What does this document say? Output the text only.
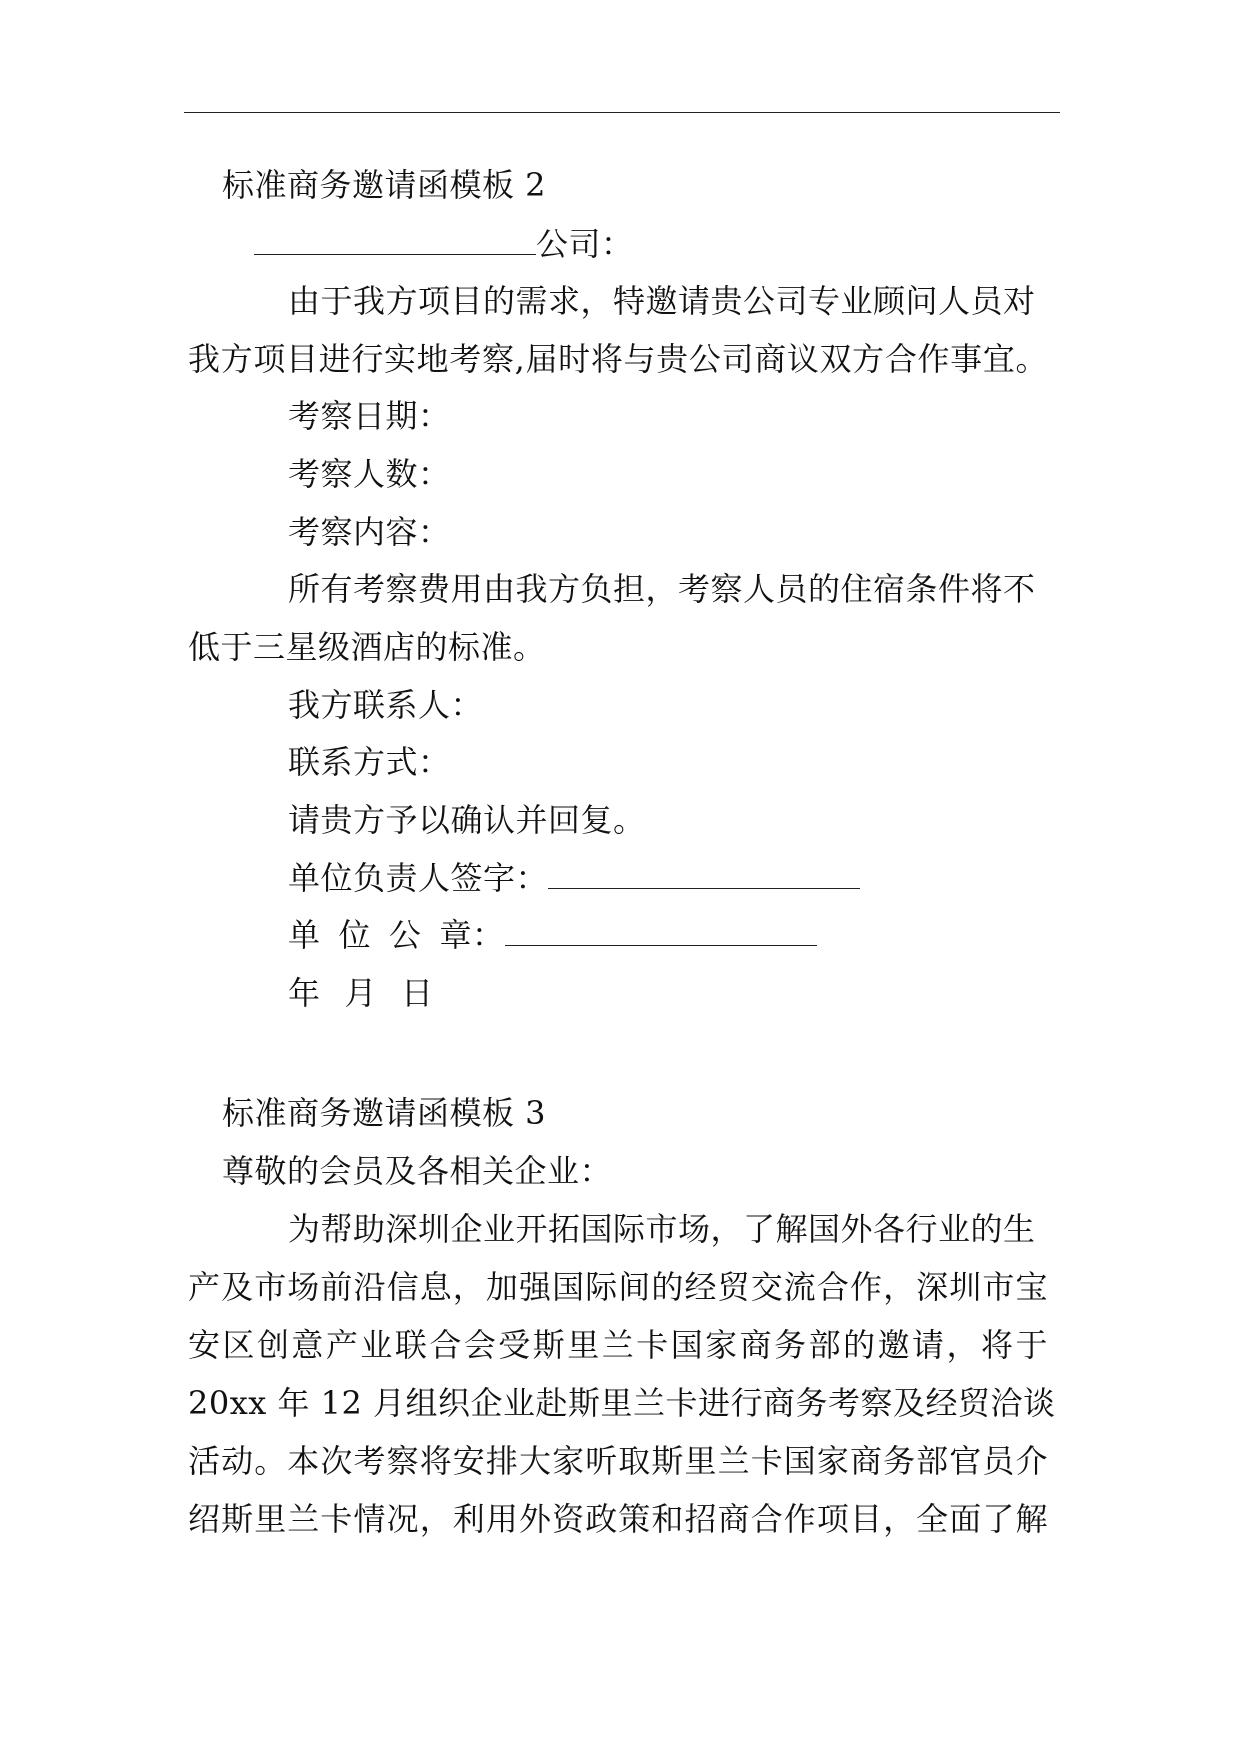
标准商务邀请函模板 2
公司：
由于我方项目的需求，特邀请贵公司专业顾问人员对
我方项目进行实地考察,届时将与贵公司商议双方合作事宜。
考察日期：
考察人数：
考察内容：
所有考察费用由我方负担，考察人员的住宿条件将不
低于三星级酒店的标准。
我方联系人：
联系方式：
请贵方予以确认并回复。
单位负责人签字：
单 位 公 章：
年 月 日
标准商务邀请函模板 3
尊敬的会员及各相关企业：
为帮助深圳企业开拓国际市场，了解国外各行业的生
产及市场前沿信息，加强国际间的经贸交流合作，深圳市宝
安区创意产业联合会受斯里兰卡国家商务部的邀请，将于
20xx 年 12 月组织企业赴斯里兰卡进行商务考察及经贸洽谈
活动。本次考察将安排大家听取斯里兰卡国家商务部官员介
绍斯里兰卡情况，利用外资政策和招商合作项目，全面了解
